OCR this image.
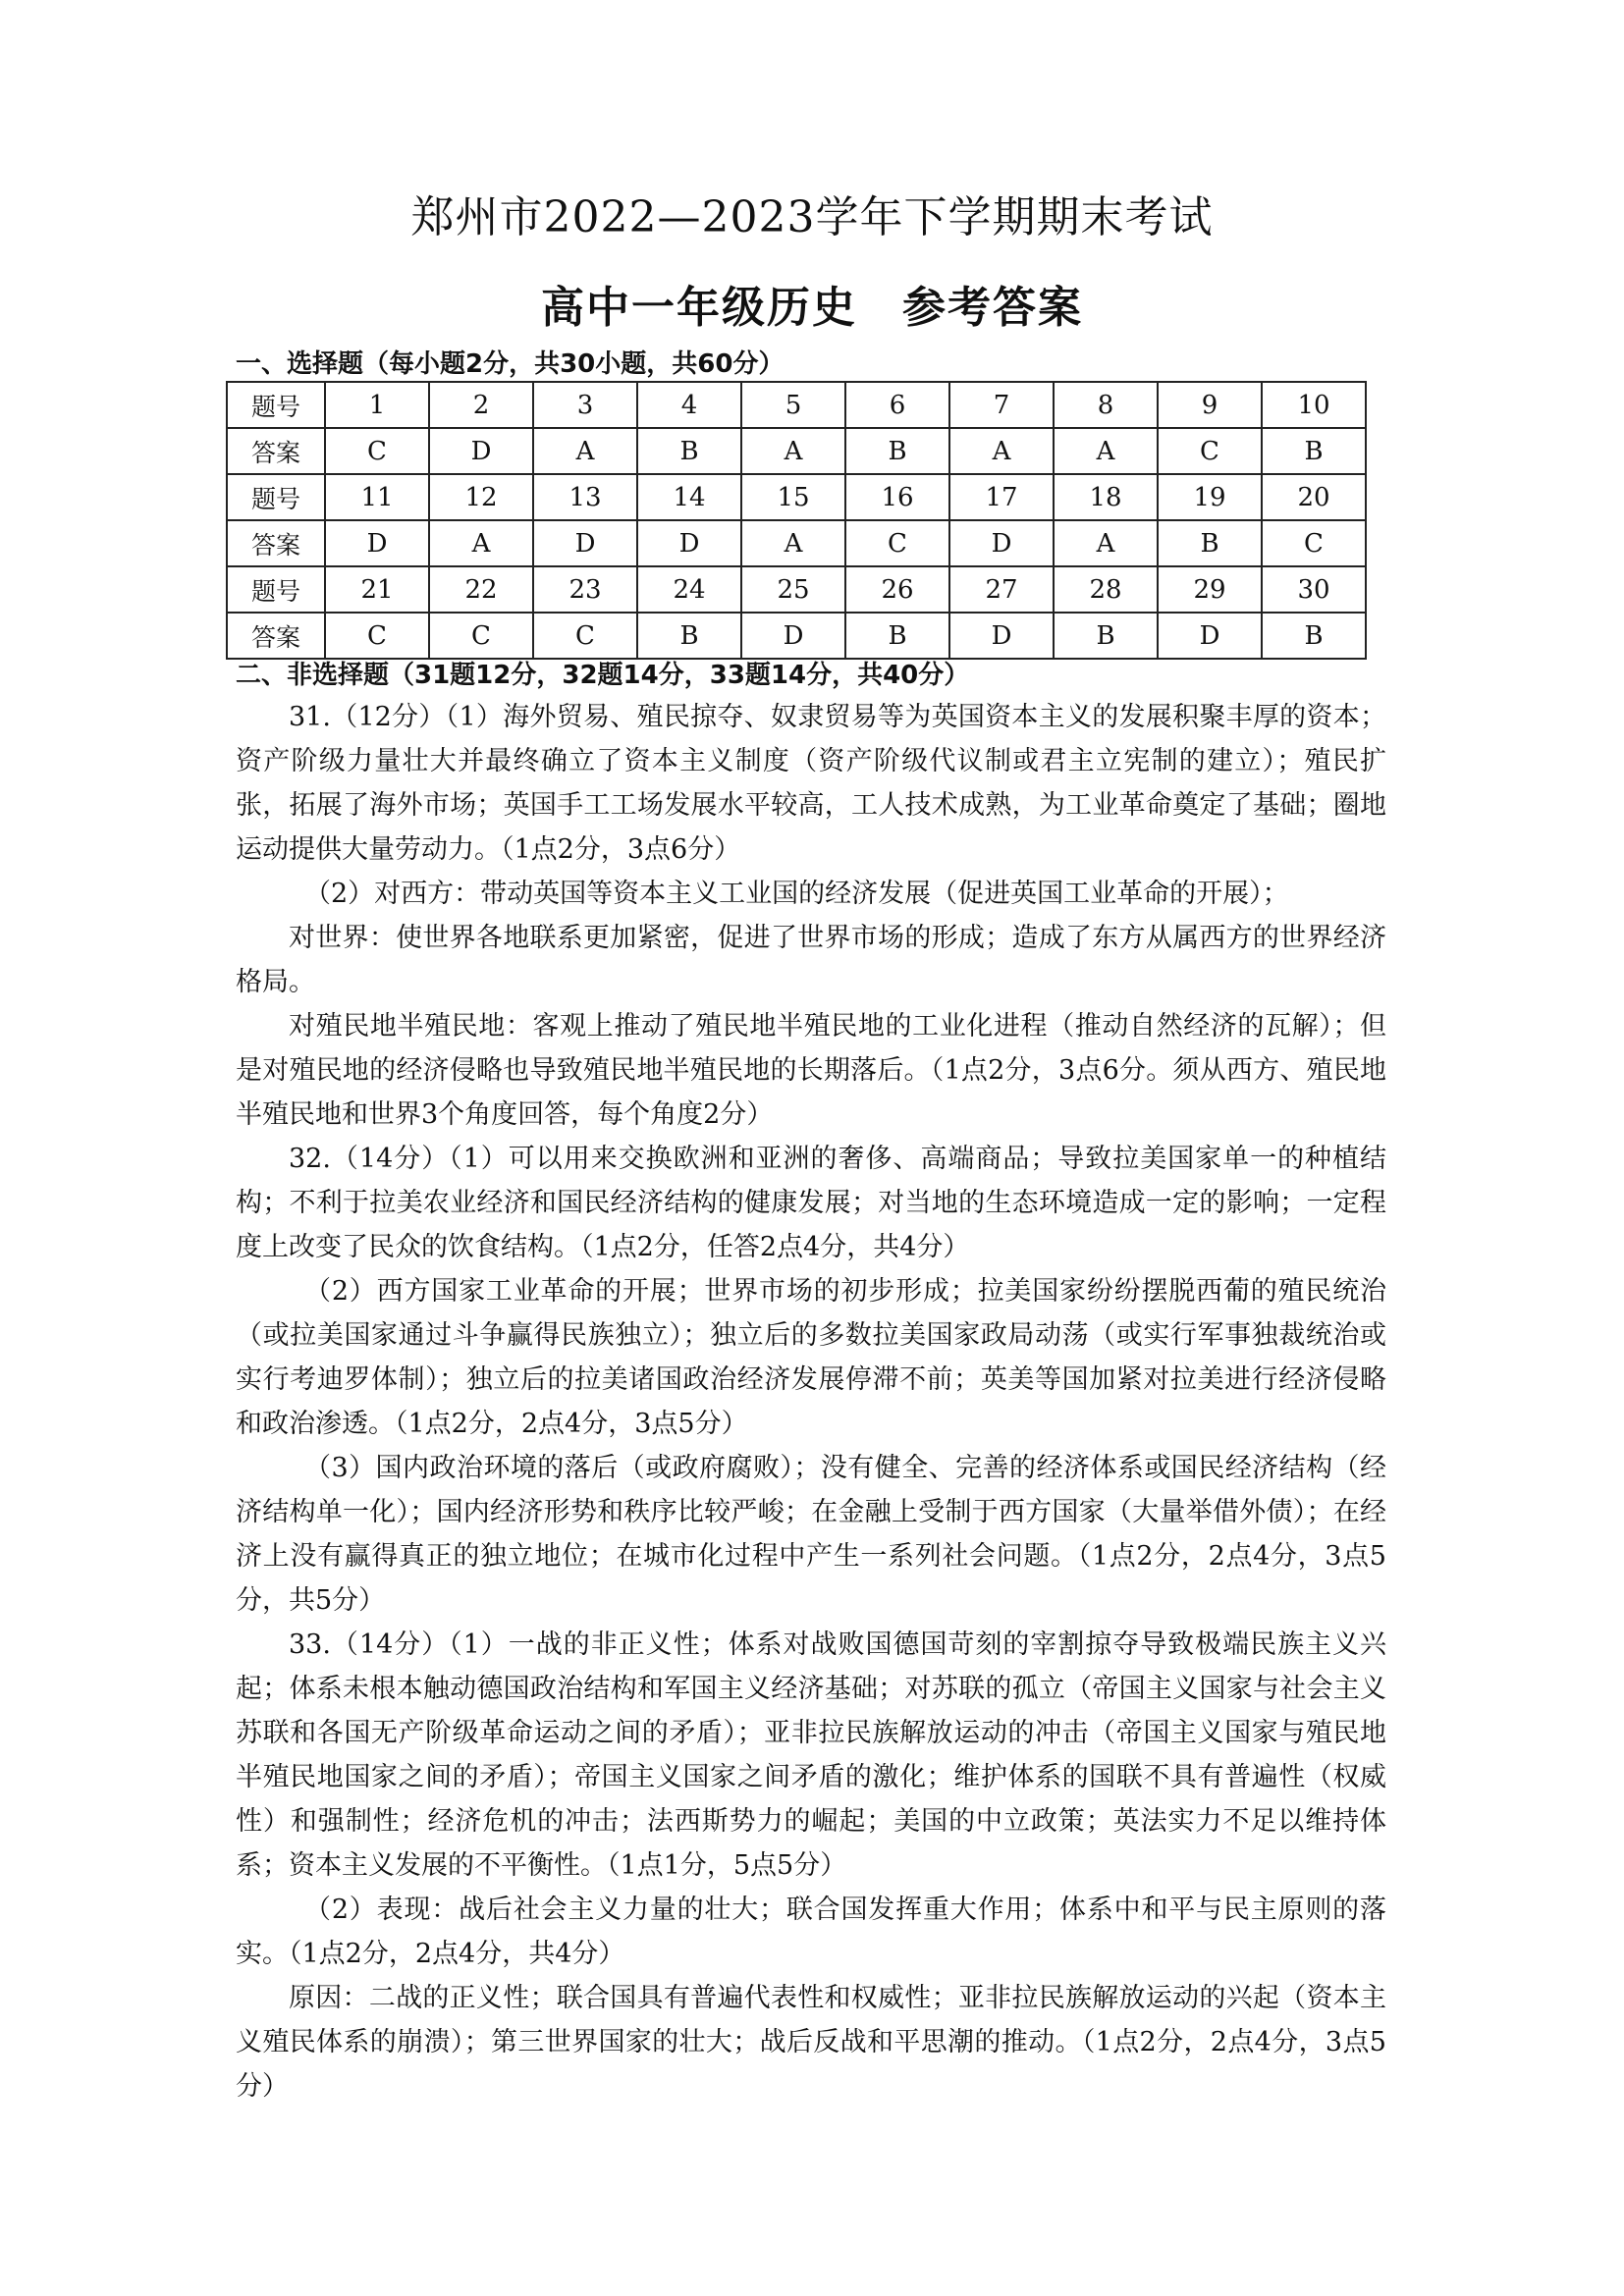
郑州市2022—2023学年下学期期末考试
高中一年级历史　参考答案
一、选择题（每小题2分，共30小题，共60分）
题号	1	2	3	4	5	6	7	8	9	10
答案	C	D	A	B	A	B	A	A	C	B
题号	11	12	13	14	15	16	17	18	19	20
答案	D	A	D	D	A	C	D	A	B	C
题号	21	22	23	24	25	26	27	28	29	30
答案	C	C	C	B	D	B	D	B	D	B
二、非选择题（31题12分，32题14分，33题14分，共40分）

31.（12分）（1）海外贸易、殖民掠夺、奴隶贸易等为英国资本主义的发展积聚丰厚的资本；资产阶级力量壮大并最终确立了资本主义制度（资产阶级代议制或君主立宪制的建立）；殖民扩张，拓展了海外市场；英国手工工场发展水平较高，工人技术成熟，为工业革命奠定了基础；圈地运动提供大量劳动力。（1点2分，3点6分）

（2）对西方：带动英国等资本主义工业国的经济发展（促进英国工业革命的开展）；

对世界：使世界各地联系更加紧密，促进了世界市场的形成；造成了东方从属西方的世界经济格局。

对殖民地半殖民地：客观上推动了殖民地半殖民地的工业化进程（推动自然经济的瓦解）；但是对殖民地的经济侵略也导致殖民地半殖民地的长期落后。（1点2分，3点6分。须从西方、殖民地半殖民地和世界3个角度回答，每个角度2分）

32.（14分）（1）可以用来交换欧洲和亚洲的奢侈、高端商品；导致拉美国家单一的种植结构；不利于拉美农业经济和国民经济结构的健康发展；对当地的生态环境造成一定的影响；一定程度上改变了民众的饮食结构。（1点2分，任答2点4分，共4分）

（2）西方国家工业革命的开展；世界市场的初步形成；拉美国家纷纷摆脱西葡的殖民统治（或拉美国家通过斗争赢得民族独立）；独立后的多数拉美国家政局动荡（或实行军事独裁统治或实行考迪罗体制）；独立后的拉美诸国政治经济发展停滞不前；英美等国加紧对拉美进行经济侵略和政治渗透。（1点2分，2点4分，3点5分）

（3）国内政治环境的落后（或政府腐败）；没有健全、完善的经济体系或国民经济结构（经济结构单一化）；国内经济形势和秩序比较严峻；在金融上受制于西方国家（大量举借外债）；在经济上没有赢得真正的独立地位；在城市化过程中产生一系列社会问题。（1点2分，2点4分，3点5分，共5分）

33.（14分）（1）一战的非正义性；体系对战败国德国苛刻的宰割掠夺导致极端民族主义兴起；体系未根本触动德国政治结构和军国主义经济基础；对苏联的孤立（帝国主义国家与社会主义苏联和各国无产阶级革命运动之间的矛盾）；亚非拉民族解放运动的冲击（帝国主义国家与殖民地半殖民地国家之间的矛盾）；帝国主义国家之间矛盾的激化；维护体系的国联不具有普遍性（权威性）和强制性；经济危机的冲击；法西斯势力的崛起；美国的中立政策；英法实力不足以维持体系；资本主义发展的不平衡性。（1点1分，5点5分）

（2）表现：战后社会主义力量的壮大；联合国发挥重大作用；体系中和平与民主原则的落实。（1点2分，2点4分，共4分）

原因：二战的正义性；联合国具有普遍代表性和权威性；亚非拉民族解放运动的兴起（资本主义殖民体系的崩溃）；第三世界国家的壮大；战后反战和平思潮的推动。（1点2分，2点4分，3点5分）
